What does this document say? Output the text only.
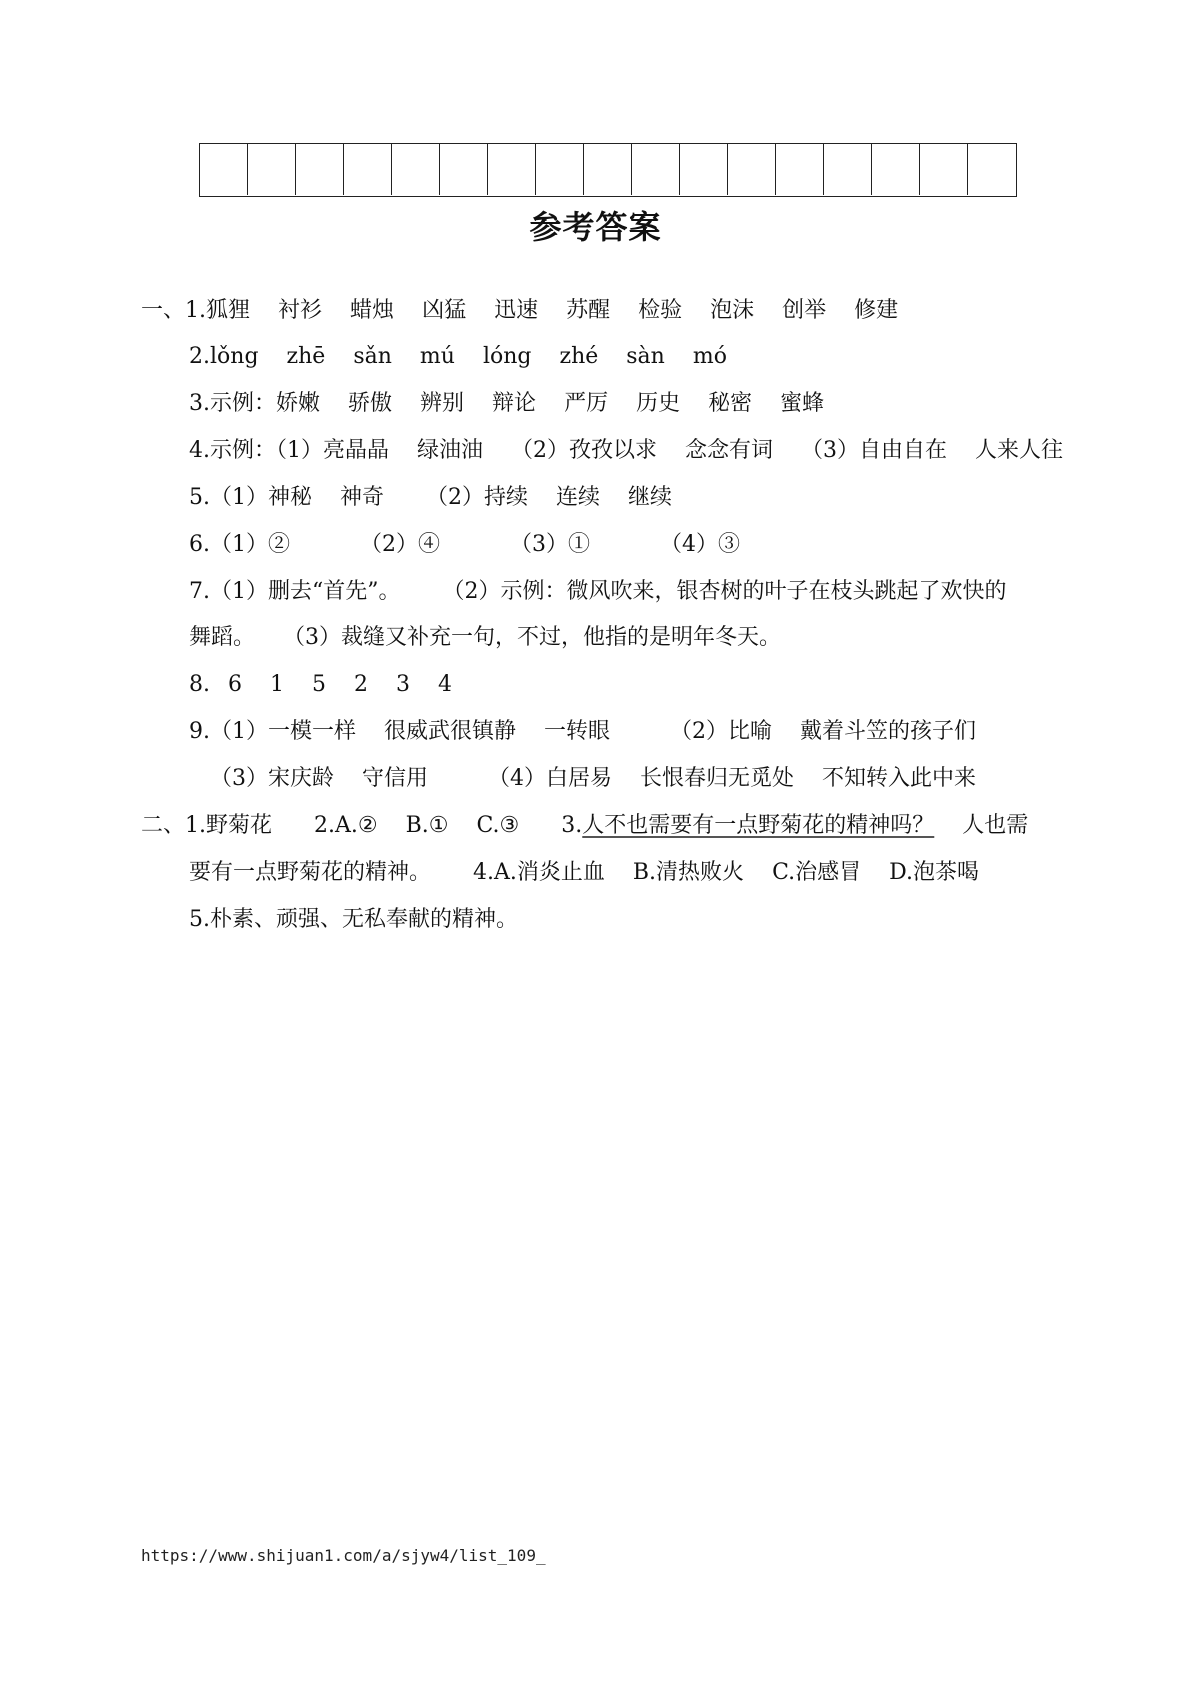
参考答案
一、1.狐狸 衬衫 蜡烛 凶猛 迅速 苏醒 检验 泡沫 创举 修建
2.lǒng zhē sǎn mú lóng zhé sàn mó
3.示例：娇嫩 骄傲 辨别 辩论 严厉 历史 秘密 蜜蜂
4.示例：（1）亮晶晶 绿油油 （2）孜孜以求 念念有词 （3）自由自在 人来人往
5.（1）神秘 神奇 （2）持续 连续 继续
6.（1）②	（2）④	（3）①	（4）③
7.（1）删去“首先”。 （2）示例：微风吹来，银杏树的叶子在枝头跳起了欢快的
舞蹈。 （3）裁缝又补充一句，不过，他指的是明年冬天。
8. 6 1 5 2 3 4
9.（1）一模一样 很威武很镇静 一转眼	（2）比喻 戴着斗笠的孩子们
（3）宋庆龄 守信用	（4）白居易 长恨春归无觅处 不知转入此中来
二、1.野菊花 2.A.② B.① C.③ 3.人不也需要有一点野菊花的精神吗？ 人也需
要有一点野菊花的精神。 4.A.消炎止血 B.清热败火 C.治感冒 D.泡茶喝
5.朴素、顽强、无私奉献的精神。
https://www.shijuan1.com/a/sjyw4/list_109_
